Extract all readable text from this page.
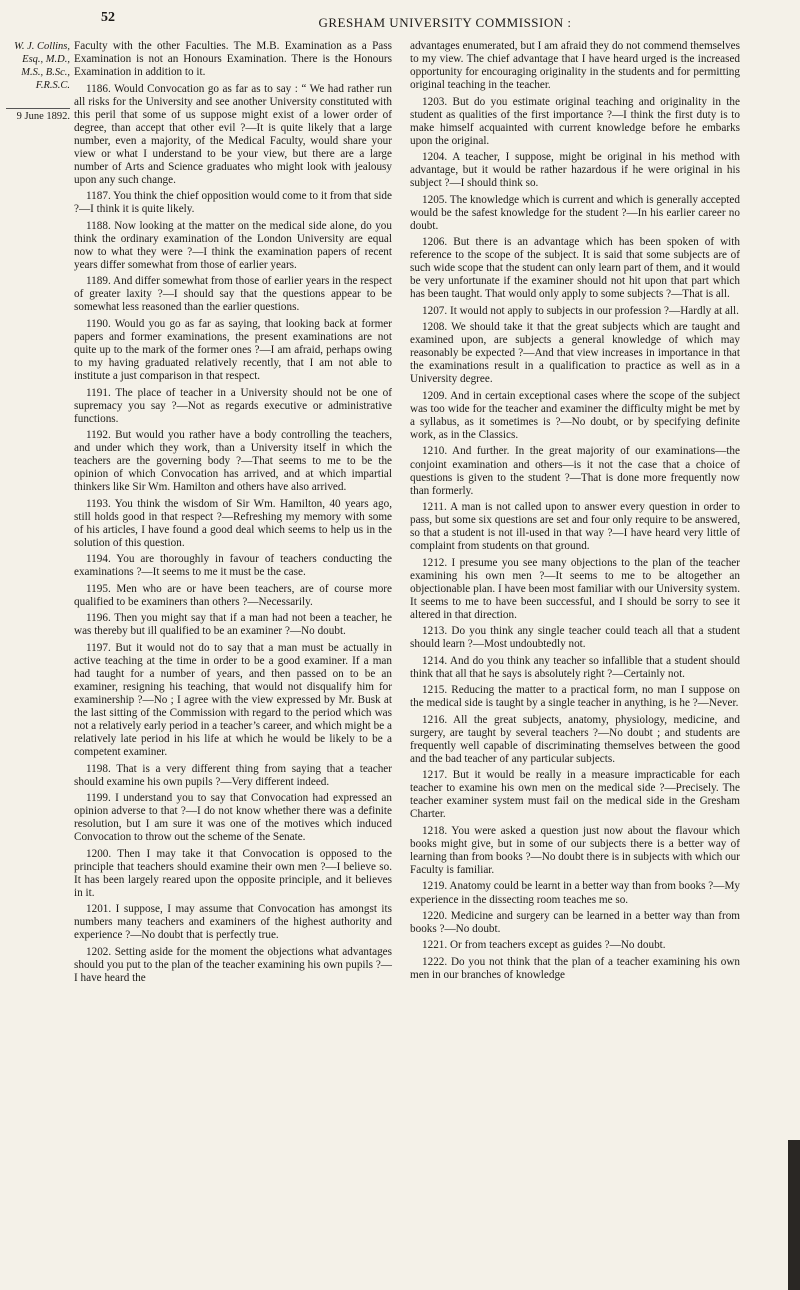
52	GRESHAM UNIVERSITY COMMISSION :
W. J. Collins, Esq., M.D., M.S., B.Sc., F.R.S.C.
9 June 1892.

Faculty with the other Faculties. The M.B. Examination as a Pass Examination is not an Honours Examination. There is the Honours Examination in addition to it.

1186. Would Convocation go as far as to say : “ We had rather run all risks for the University and see another University constituted with this peril that some of us suppose might exist of a lower order of degree, than accept that other evil ?—It is quite likely that a large number, even a majority, of the Medical Faculty, would share your view or what I understand to be your view, but there are a large number of Arts and Science graduates who might look with jealousy upon any such change.

1187. You think the chief opposition would come to it from that side ?—I think it is quite likely.

1188. Now looking at the matter on the medical side alone, do you think the ordinary examination of the London University are equal now to what they were ?—I think the examination papers of recent years differ somewhat from those of earlier years.

1189. And differ somewhat from those of earlier years in the respect of greater laxity ?—I should say that the questions appear to be somewhat less reasoned than the earlier questions.

1190. Would you go as far as saying, that looking back at former papers and former examinations, the present examinations are not quite up to the mark of the former ones ?—I am afraid, perhaps owing to my having graduated relatively recently, that I am not able to institute a just comparison in that respect.

1191. The place of teacher in a University should not be one of supremacy you say ?—Not as regards executive or administrative functions.

1192. But would you rather have a body controlling the teachers, and under which they work, than a University itself in which the teachers are the governing body ?—That seems to me to be the opinion of which Convocation has arrived, and at which impartial thinkers like Sir Wm. Hamilton and others have also arrived.

1193. You think the wisdom of Sir Wm. Hamilton, 40 years ago, still holds good in that respect ?—Refreshing my memory with some of his articles, I have found a good deal which seems to help us in the solution of this question.

1194. You are thoroughly in favour of teachers conducting the examinations ?—It seems to me it must be the case.

1195. Men who are or have been teachers, are of course more qualified to be examiners than others ?—Necessarily.

1196. Then you might say that if a man had not been a teacher, he was thereby but ill qualified to be an examiner ?—No doubt.

1197. But it would not do to say that a man must be actually in active teaching at the time in order to be a good examiner. If a man had taught for a number of years, and then passed on to be an examiner, resigning his teaching, that would not disqualify him for examinership ?—No ; I agree with the view expressed by Mr. Busk at the last sitting of the Commission with regard to the period which was not a relatively early period in a teacher’s career, and which might be a relatively late period in his life at which he would be likely to be a competent examiner.

1198. That is a very different thing from saying that a teacher should examine his own pupils ?—Very different indeed.

1199. I understand you to say that Convocation had expressed an opinion adverse to that ?—I do not know whether there was a definite resolution, but I am sure it was one of the motives which induced Convocation to throw out the scheme of the Senate.

1200. Then I may take it that Convocation is opposed to the principle that teachers should examine their own men ?—I believe so. It has been largely reared upon the opposite principle, and it believes in it.

1201. I suppose, I may assume that Convocation has amongst its numbers many teachers and examiners of the highest authority and experience ?—No doubt that is perfectly true.

1202. Setting aside for the moment the objections what advantages should you put to the plan of the teacher examining his own pupils ?—I have heard the

advantages enumerated, but I am afraid they do not commend themselves to my view. The chief advantage that I have heard urged is the increased opportunity for encouraging originality in the students and for permitting original teaching in the teacher.

1203. But do you estimate original teaching and originality in the student as qualities of the first importance ?—I think the first duty is to make himself acquainted with current knowledge before he embarks upon the original.

1204. A teacher, I suppose, might be original in his method with advantage, but it would be rather hazardous if he were original in his subject ?—I should think so.

1205. The knowledge which is current and which is generally accepted would be the safest knowledge for the student ?—In his earlier career no doubt.

1206. But there is an advantage which has been spoken of with reference to the scope of the subject. It is said that some subjects are of such wide scope that the student can only learn part of them, and it would be very unfortunate if the examiner should not hit upon that part which has been taught. That would only apply to some subjects ?—That is all.

1207. It would not apply to subjects in our profession ?—Hardly at all.

1208. We should take it that the great subjects which are taught and examined upon, are subjects a general knowledge of which may reasonably be expected ?—And that view increases in importance in that the examinations result in a qualification to practice as well as in a University degree.

1209. And in certain exceptional cases where the scope of the subject was too wide for the teacher and examiner the difficulty might be met by a syllabus, as it sometimes is ?—No doubt, or by specifying definite work, as in the Classics.

1210. And further. In the great majority of our examinations—the conjoint examination and others—is it not the case that a choice of questions is given to the student ?—That is done more frequently now than formerly.

1211. A man is not called upon to answer every question in order to pass, but some six questions are set and four only require to be answered, so that a student is not ill-used in that way ?—I have heard very little of complaint from students on that ground.

1212. I presume you see many objections to the plan of the teacher examining his own men ?—It seems to me to be altogether an objectionable plan. I have been most familiar with our University system. It seems to me to have been successful, and I should be sorry to see it altered in that direction.

1213. Do you think any single teacher could teach all that a student should learn ?—Most undoubtedly not.

1214. And do you think any teacher so infallible that a student should think that all that he says is absolutely right ?—Certainly not.

1215. Reducing the matter to a practical form, no man I suppose on the medical side is taught by a single teacher in anything, is he ?—Never.

1216. All the great subjects, anatomy, physiology, medicine, and surgery, are taught by several teachers ?—No doubt ; and students are frequently well capable of discriminating themselves between the good and the bad teacher of any particular subjects.

1217. But it would be really in a measure impracticable for each teacher to examine his own men on the medical side ?—Precisely. The teacher examiner system must fail on the medical side in the Gresham Charter.

1218. You were asked a question just now about the flavour which books might give, but in some of our subjects there is a better way of learning than from books ?—No doubt there is in subjects with which our Faculty is familiar.

1219. Anatomy could be learnt in a better way than from books ?—My experience in the dissecting room teaches me so.

1220. Medicine and surgery can be learned in a better way than from books ?—No doubt.

1221. Or from teachers except as guides ?—No doubt.

1222. Do you not think that the plan of a teacher examining his own men in our branches of knowledge
